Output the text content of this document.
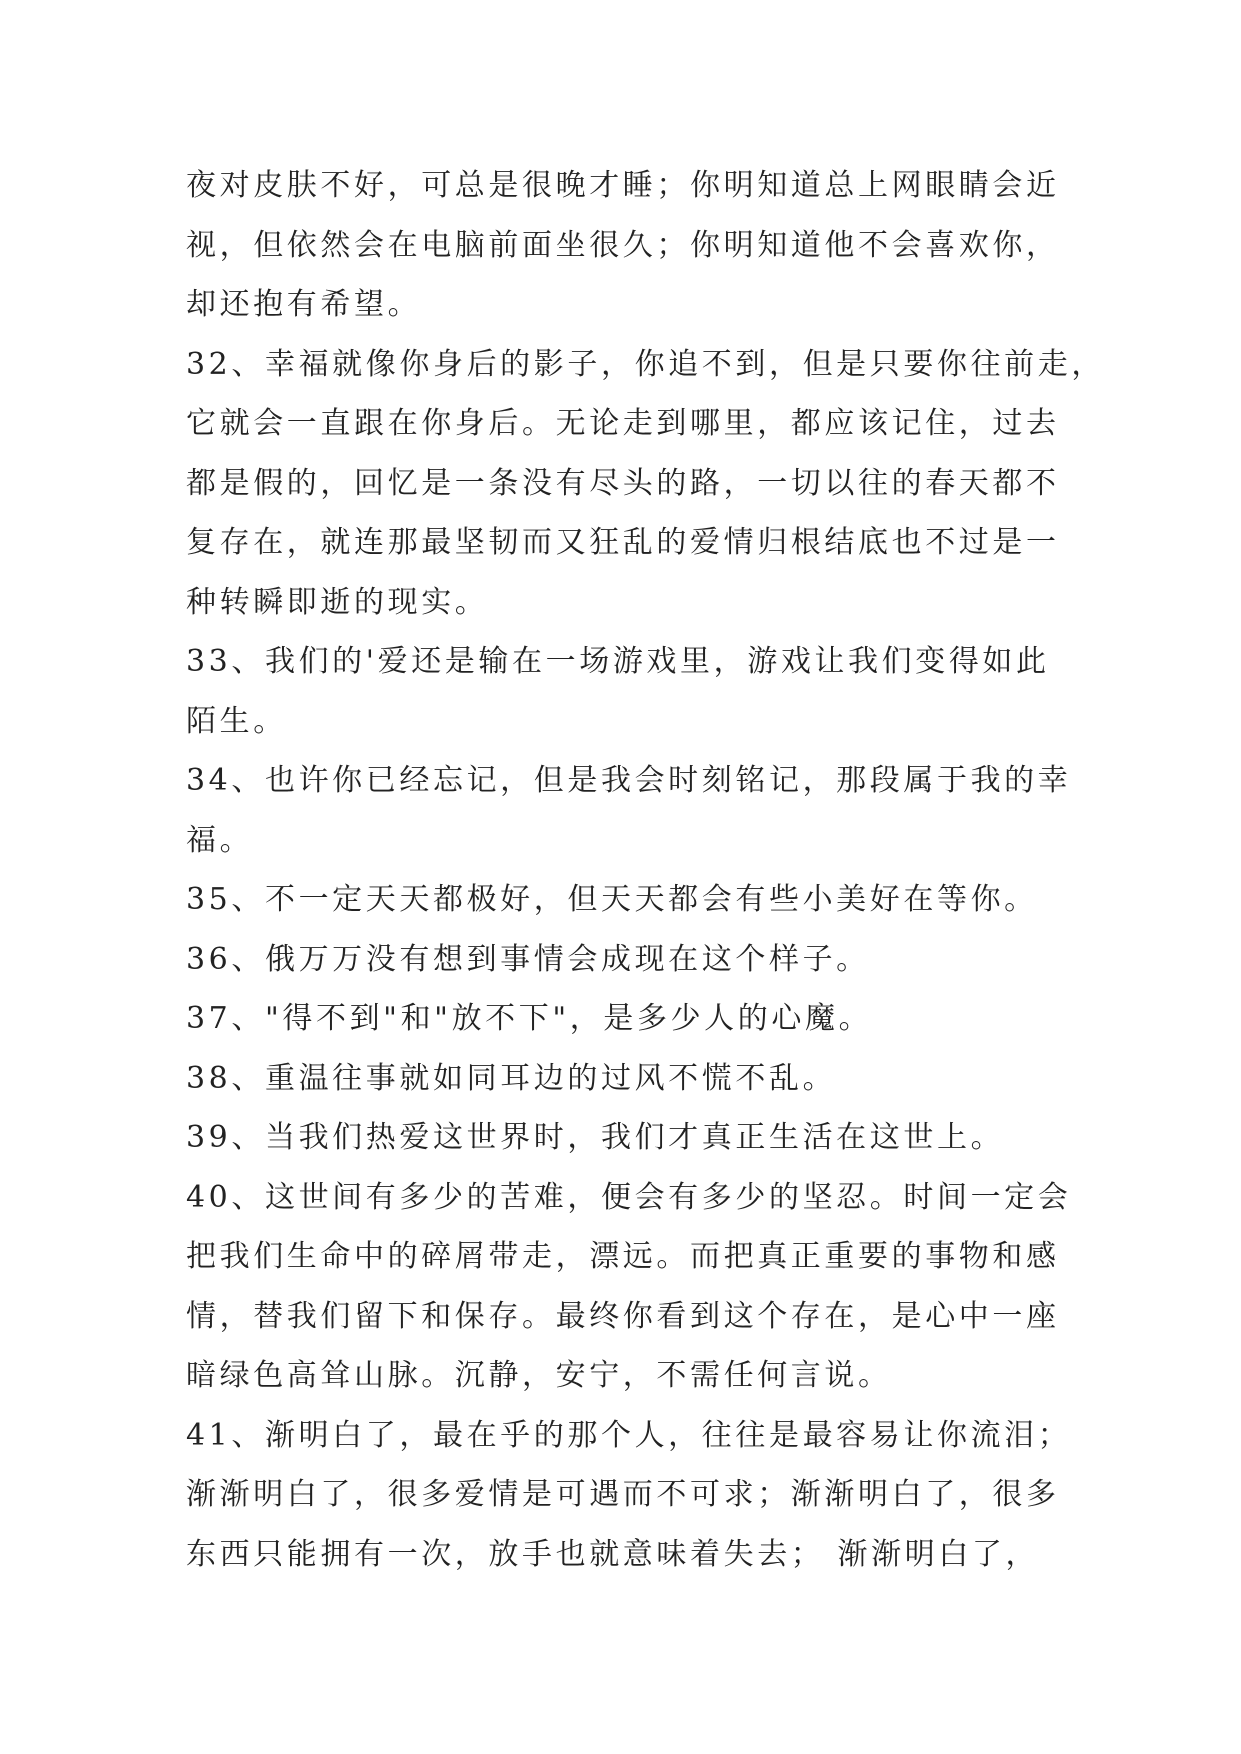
夜对皮肤不好，可总是很晚才睡；你明知道总上网眼睛会近
视，但依然会在电脑前面坐很久；你明知道他不会喜欢你，
却还抱有希望。
32、幸福就像你身后的影子，你追不到，但是只要你往前走，
它就会一直跟在你身后。无论走到哪里，都应该记住，过去
都是假的，回忆是一条没有尽头的路，一切以往的春天都不
复存在，就连那最坚韧而又狂乱的爱情归根结底也不过是一
种转瞬即逝的现实。
33、我们的'爱还是输在一场游戏里，游戏让我们变得如此
陌生。
34、也许你已经忘记，但是我会时刻铭记，那段属于我的幸
福。
35、不一定天天都极好，但天天都会有些小美好在等你。
36、俄万万没有想到事情会成现在这个样子。
37、"得不到"和"放不下"，是多少人的心魔。
38、重温往事就如同耳边的过风不慌不乱。
39、当我们热爱这世界时，我们才真正生活在这世上。
40、这世间有多少的苦难，便会有多少的坚忍。时间一定会
把我们生命中的碎屑带走，漂远。而把真正重要的事物和感
情，替我们留下和保存。最终你看到这个存在，是心中一座
暗绿色高耸山脉。沉静，安宁，不需任何言说。
41、渐明白了，最在乎的那个人，往往是最容易让你流泪；
渐渐明白了，很多爱情是可遇而不可求；渐渐明白了，很多
东西只能拥有一次，放手也就意味着失去； 渐渐明白了，
